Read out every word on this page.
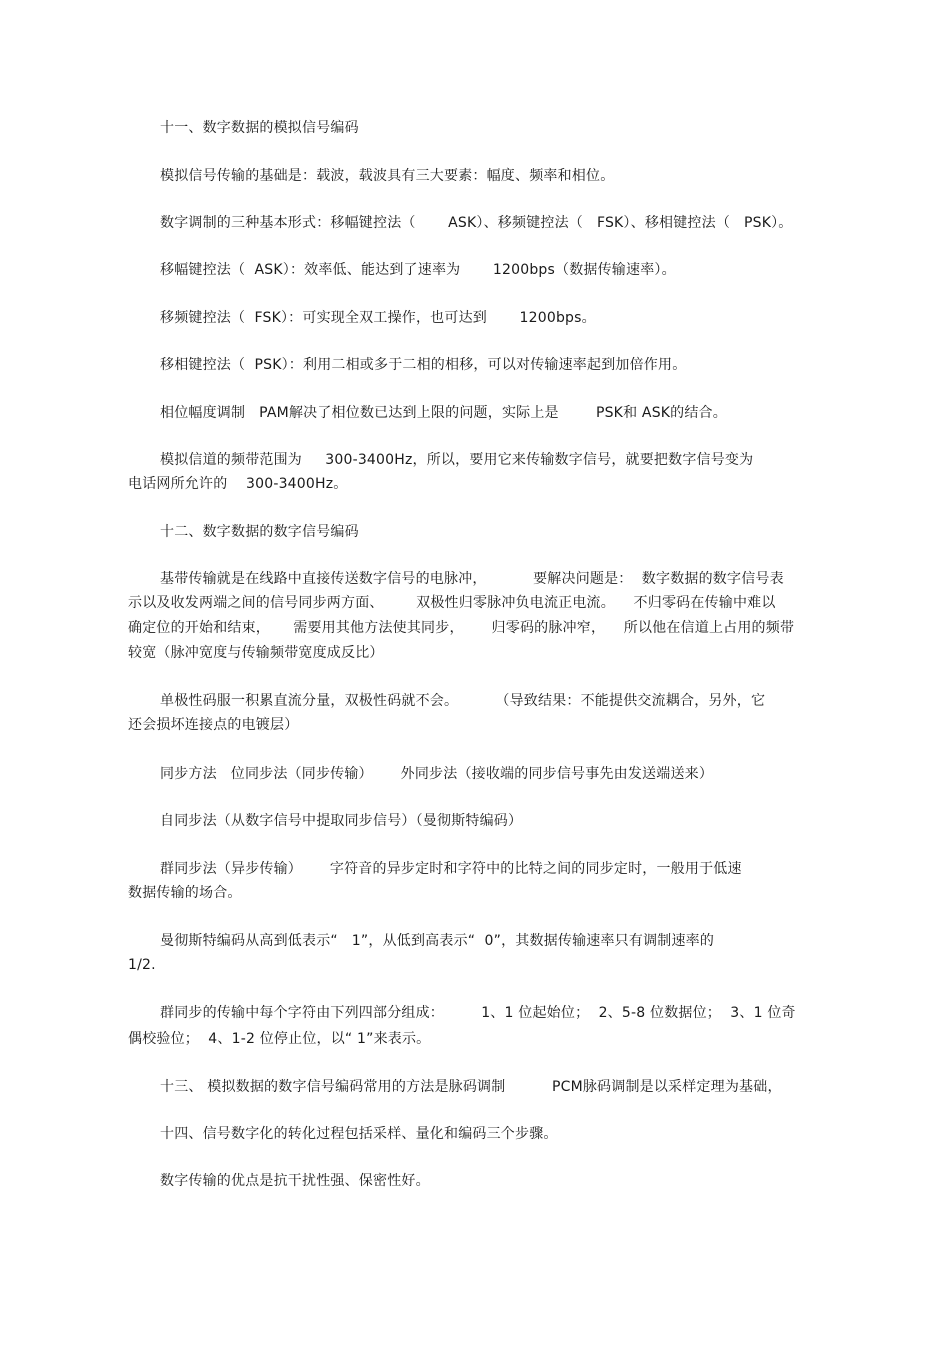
十一、数字数据的模拟信号编码
模拟信号传输的基础是：载波，载波具有三大要素：幅度、频率和相位。
数字调制的三种基本形式：移幅键控法（       ASK）、移频键控法（   FSK）、移相键控法（   PSK）。
移幅键控法（  ASK）：效率低、能达到了速率为       1200bps（数据传输速率）。
移频键控法（  FSK）：可实现全双工操作，也可达到       1200bps。
移相键控法（  PSK）：利用二相或多于二相的相移，可以对传输速率起到加倍作用。
相位幅度调制   PAM解决了相位数已达到上限的问题，实际上是        PSK和 ASK的结合。
模拟信道的频带范围为     300-3400Hz，所以，要用它来传输数字信号，就要把数字信号变为
电话网所允许的    300-3400Hz。
十二、数字数据的数字信号编码
基带传输就是在线路中直接传送数字信号的电脉冲，          要解决问题是：  数字数据的数字信号表
示以及收发两端之间的信号同步两方面、       双极性归零脉冲负电流正电流。    不归零码在传输中难以
确定位的开始和结束，     需要用其他方法使其同步，      归零码的脉冲窄，    所以他在信道上占用的频带
较宽（脉冲宽度与传输频带宽度成反比）
单极性码服一积累直流分量，双极性码就不会。        （导致结果：不能提供交流耦合，另外，它
还会损坏连接点的电镀层）
同步方法   位同步法（同步传输）      外同步法（接收端的同步信号事先由发送端送来）
自同步法（从数字信号中提取同步信号）（曼彻斯特编码）
群同步法（异步传输）      字符音的异步定时和字符中的比特之间的同步定时，一般用于低速
数据传输的场合。
曼彻斯特编码从高到低表示“   1”，从低到高表示“  0”，其数据传输速率只有调制速率的
1/2.
群同步的传输中每个字符由下列四部分组成：        1、1 位起始位；  2、5-8 位数据位；  3、1 位奇
偶校验位；  4、1-2 位停止位，以“ 1”来表示。
十三、 模拟数据的数字信号编码常用的方法是脉码调制          PCM脉码调制是以采样定理为基础，
十四、信号数字化的转化过程包括采样、量化和编码三个步骤。
数字传输的优点是抗干扰性强、保密性好。
